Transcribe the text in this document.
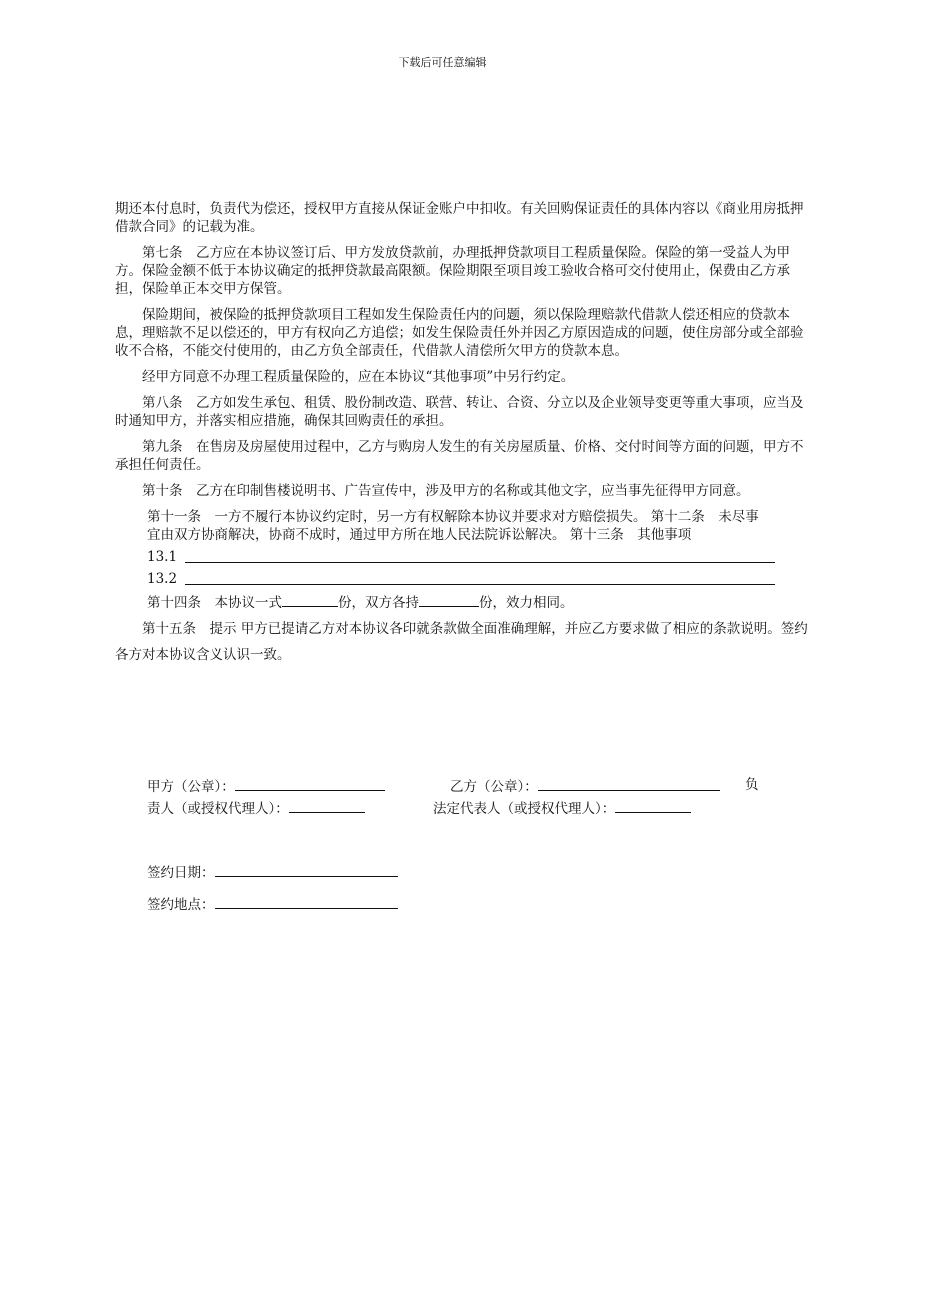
下载后可任意编辑

期还本付息时，负责代为偿还，授权甲方直接从保证金账户中扣收。有关回购保证责任的具体内容以《商业用房抵押借款合同》的记载为准。

第七条　乙方应在本协议签订后、甲方发放贷款前，办理抵押贷款项目工程质量保险。保险的第一受益人为甲方。保险金额不低于本协议确定的抵押贷款最高限额。保险期限至项目竣工验收合格可交付使用止，保费由乙方承担，保险单正本交甲方保管。

保险期间，被保险的抵押贷款项目工程如发生保险责任内的问题，须以保险理赔款代借款人偿还相应的贷款本息，理赔款不足以偿还的，甲方有权向乙方追偿；如发生保险责任外并因乙方原因造成的问题，使住房部分或全部验收不合格，不能交付使用的，由乙方负全部责任，代借款人清偿所欠甲方的贷款本息。

经甲方同意不办理工程质量保险的，应在本协议“其他事项”中另行约定。

第八条　乙方如发生承包、租赁、股份制改造、联营、转让、合资、分立以及企业领导变更等重大事项，应当及时通知甲方，并落实相应措施，确保其回购责任的承担。

第九条　在售房及房屋使用过程中，乙方与购房人发生的有关房屋质量、价格、交付时间等方面的问题，甲方不承担任何责任。

第十条　乙方在印制售楼说明书、广告宣传中，涉及甲方的名称或其他文字，应当事先征得甲方同意。

第十一条　一方不履行本协议约定时，另一方有权解除本协议并要求对方赔偿损失。 第十二条　未尽事宜由双方协商解决，协商不成时，通过甲方所在地人民法院诉讼解决。 第十三条　其他事项

13.1
13.2

第十四条　本协议一式	份，双方各持	份，效力相同。

第十五条　提示 甲方已提请乙方对本协议各印就条款做全面准确理解，并应乙方要求做了相应的条款说明。签约

各方对本协议含义认识一致。

甲方（公章）：	乙方（公章）：	负
责人（或授权代理人）：	法定代表人（或授权代理人）：
签约日期：
签约地点：
